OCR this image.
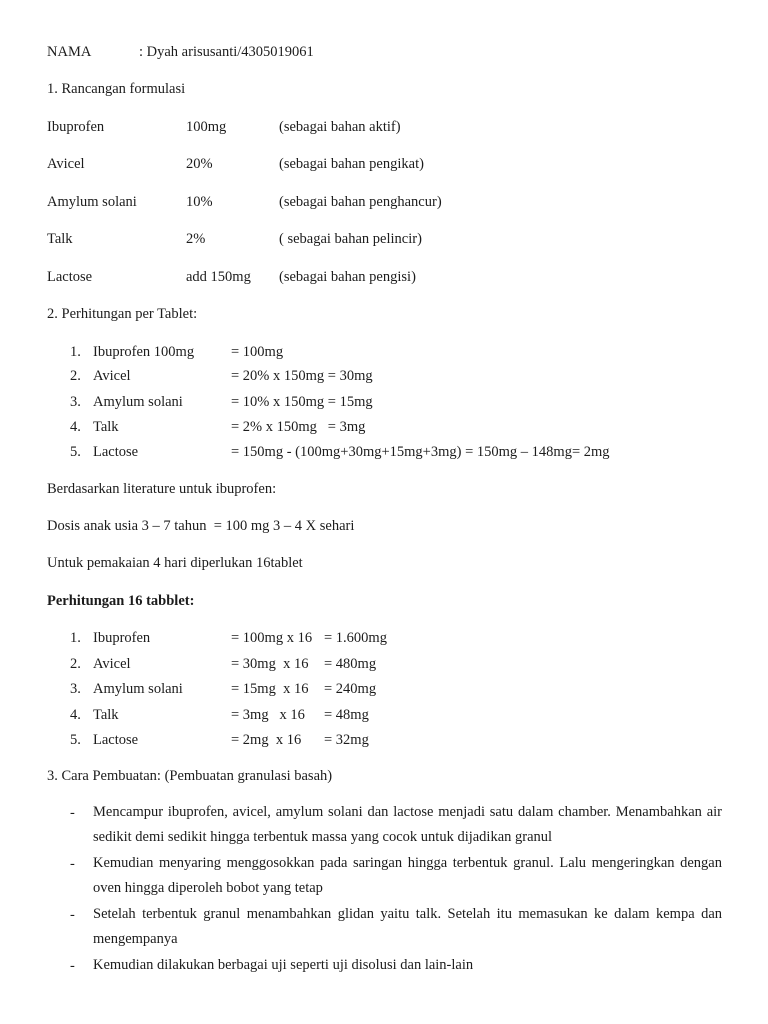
NAMA	: Dyah arisusanti/4305019061
1. Rancangan formulasi
Ibuprofen	100mg	(sebagai bahan aktif)
Avicel	20%	(sebagai bahan pengikat)
Amylum solani	10%	(sebagai bahan penghancur)
Talk	2%	( sebagai bahan pelincir)
Lactose	add 150mg (sebagai bahan pengisi)
2. Perhitungan per Tablet:
1. Ibuprofen 100mg	= 100mg
2. Avicel	= 20% x 150mg = 30mg
3. Amylum solani	= 10% x 150mg = 15mg
4. Talk	= 2% x 150mg   = 3mg
5. Lactose	= 150mg - (100mg+30mg+15mg+3mg) = 150mg – 148mg= 2mg
Berdasarkan literature untuk ibuprofen:
Dosis anak usia 3 – 7 tahun  = 100 mg 3 – 4 X sehari
Untuk pemakaian 4 hari diperlukan 16tablet
Perhitungan 16 tabblet:
1. Ibuprofen	= 100mg x 16 = 1.600mg
2. Avicel	= 30mg  x 16 = 480mg
3. Amylum solani	= 15mg  x 16 = 240mg
4. Talk	= 3mg   x 16 = 48mg
5. Lactose	= 2mg  x 16 = 32mg
3. Cara Pembuatan: (Pembuatan granulasi basah)
- Mencampur ibuprofen, avicel, amylum solani dan lactose menjadi satu dalam chamber. Menambahkan air sedikit demi sedikit hingga terbentuk massa yang cocok untuk dijadikan granul
- Kemudian menyaring menggosokkan pada saringan hingga terbentuk granul. Lalu mengeringkan dengan oven hingga diperoleh bobot yang tetap
- Setelah terbentuk granul menambahkan glidan yaitu talk. Setelah itu memasukan ke dalam kempa dan mengempanya
- Kemudian dilakukan berbagai uji seperti uji disolusi dan lain-lain
